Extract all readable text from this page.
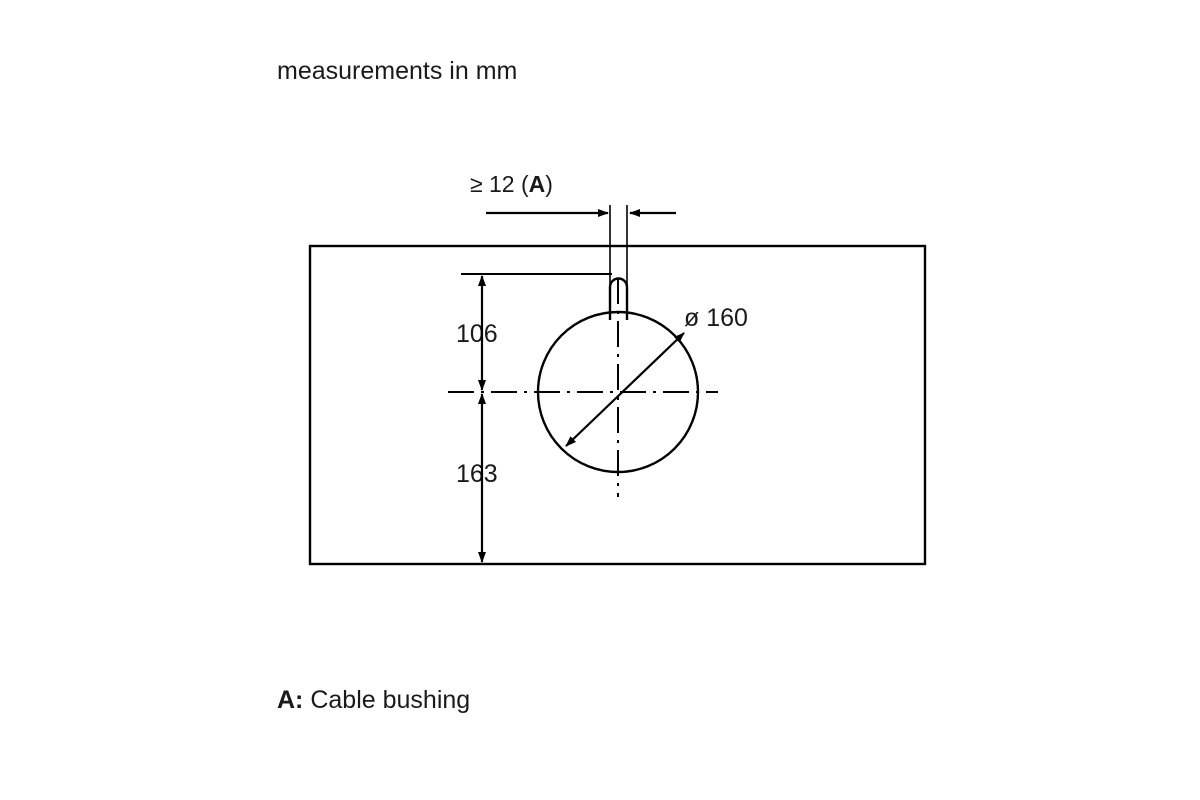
measurements in mm
≥ 12 (A)
106
163
ø 160
A: Cable bushing
